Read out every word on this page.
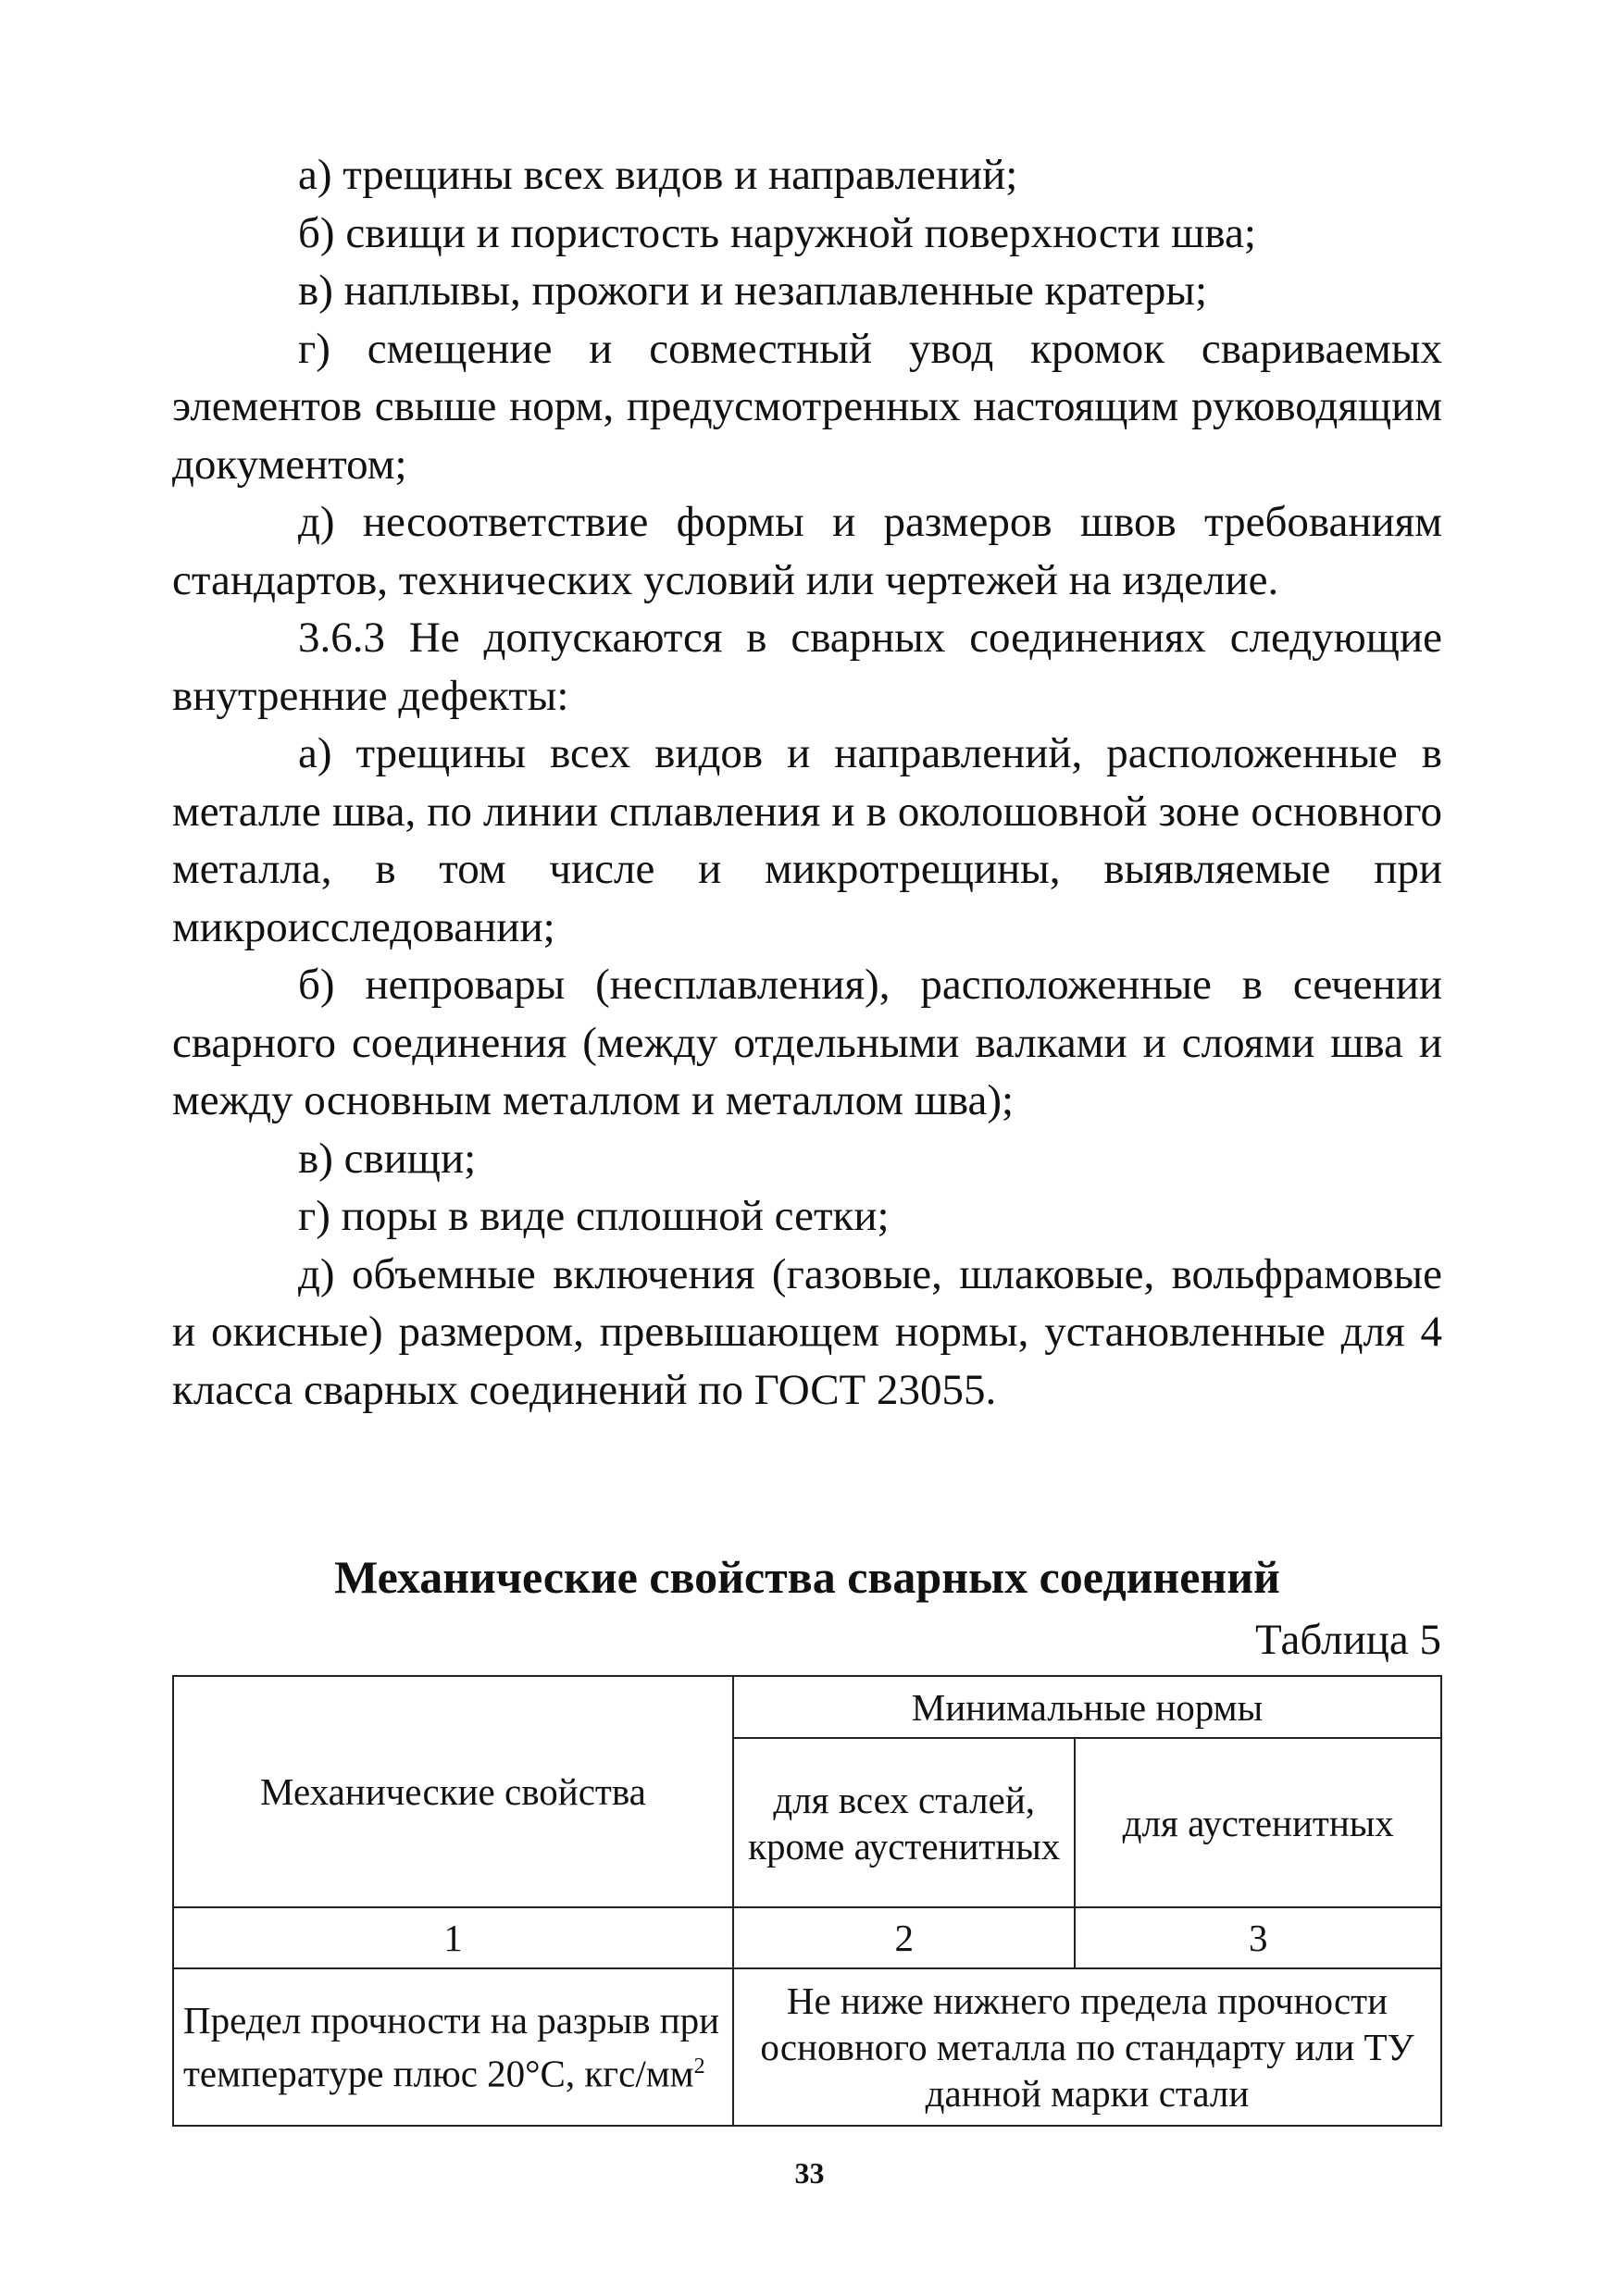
а) трещины всех видов и направлений;

б) свищи и пористость наружной поверхности шва;

в) наплывы, прожоги и незаплавленные кратеры;

г) смещение и совместный увод кромок свариваемых элементов свыше норм, предусмотренных настоящим руководящим документом;

д) несоответствие формы и размеров швов требованиям стандартов, технических условий или чертежей на изделие.

3.6.3 Не допускаются в сварных соединениях следующие внутренние дефекты:

а) трещины всех видов и направлений, расположенные в металле шва, по линии сплавления и в околошовной зоне основного металла, в том числе и микротрещины, выявляемые при микроисследовании;

б) непровары (несплавления), расположенные в сечении сварного соединения (между отдельными валками и слоями шва и между основным металлом и металлом шва);

в) свищи;

г) поры в виде сплошной сетки;

д) объемные включения (газовые, шлаковые, вольфрамовые и окисные) размером, превышающем нормы, установленные для 4 класса сварных соединений по ГОСТ 23055.

Механические свойства сварных соединений

Таблица 5

Механические свойства	Минимальные нормы	
	для всех сталей, кроме аустенитных	для аустенитных
1	2	3
Предел прочности на разрыв при температуре плюс 20°С, кгс/$мм^2$	Не ниже нижнего предела прочности основного металла по стандарту или ТУ данной марки стали	

33
